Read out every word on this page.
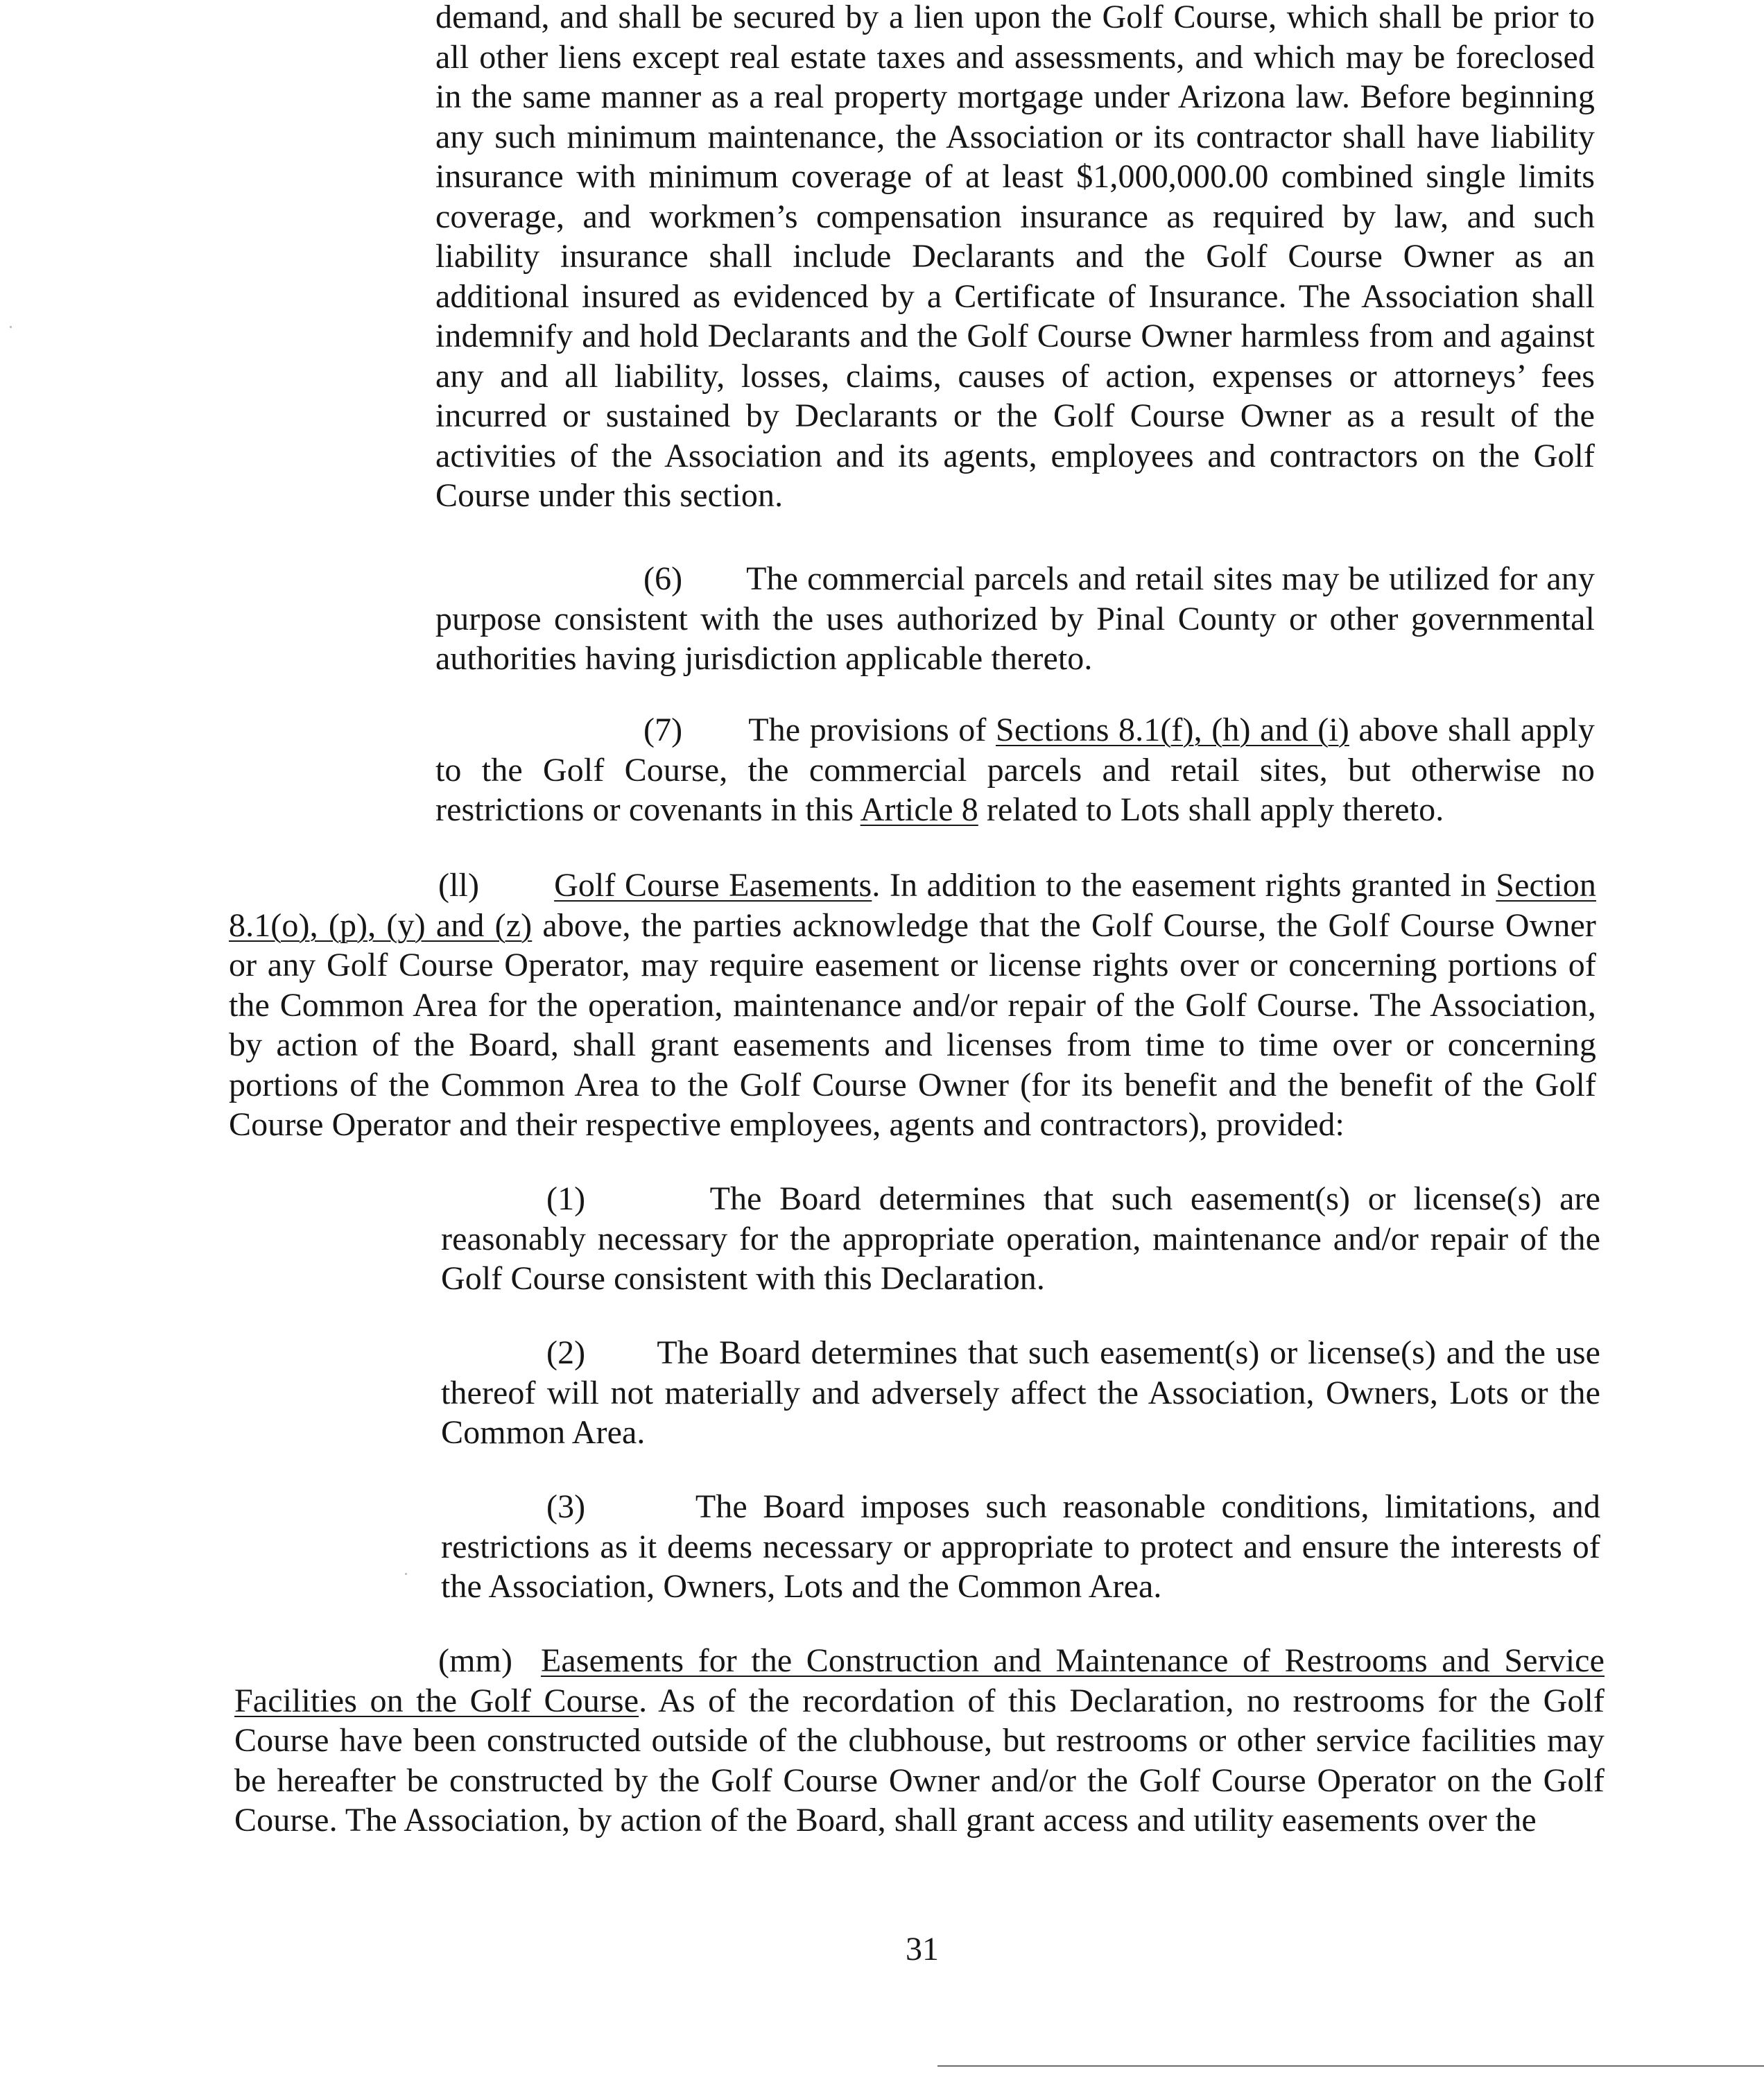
demand, and shall be secured by a lien upon the Golf Course, which shall be prior to all other liens except real estate taxes and assessments, and which may be foreclosed in the same manner as a real property mortgage under Arizona law. Before beginning any such minimum maintenance, the Association or its contractor shall have liability insurance with minimum coverage of at least $1,000,000.00 combined single limits coverage, and workmen’s compensation insurance as required by law, and such liability insurance shall include Declarants and the Golf Course Owner as an additional insured as evidenced by a Certificate of Insurance. The Association shall indemnify and hold Declarants and the Golf Course Owner harmless from and against any and all liability, losses, claims, causes of action, expenses or attorneys’ fees incurred or sustained by Declarants or the Golf Course Owner as a result of the activities of the Association and its agents, employees and contractors on the Golf Course under this section.
(6) The commercial parcels and retail sites may be utilized for any purpose consistent with the uses authorized by Pinal County or other governmental authorities having jurisdiction applicable thereto.
(7) The provisions of Sections 8.1(f), (h) and (i) above shall apply to the Golf Course, the commercial parcels and retail sites, but otherwise no restrictions or covenants in this Article 8 related to Lots shall apply thereto.
(ll) Golf Course Easements. In addition to the easement rights granted in Section 8.1(o), (p), (y) and (z) above, the parties acknowledge that the Golf Course, the Golf Course Owner or any Golf Course Operator, may require easement or license rights over or concerning portions of the Common Area for the operation, maintenance and/or repair of the Golf Course. The Association, by action of the Board, shall grant easements and licenses from time to time over or concerning portions of the Common Area to the Golf Course Owner (for its benefit and the benefit of the Golf Course Operator and their respective employees, agents and contractors), provided:
(1)	The Board determines that such easement(s) or license(s) are reasonably necessary for the appropriate operation, maintenance and/or repair of the Golf Course consistent with this Declaration.
(2) The Board determines that such easement(s) or license(s) and the use thereof will not materially and adversely affect the Association, Owners, Lots or the Common Area.
(3)	The Board imposes such reasonable conditions, limitations, and restrictions as it deems necessary or appropriate to protect and ensure the interests of the Association, Owners, Lots and the Common Area.
(mm) Easements for the Construction and Maintenance of Restrooms and Service Facilities on the Golf Course. As of the recordation of this Declaration, no restrooms for the Golf Course have been constructed outside of the clubhouse, but restrooms or other service facilities may be hereafter be constructed by the Golf Course Owner and/or the Golf Course Operator on the Golf Course. The Association, by action of the Board, shall grant access and utility easements over the
31
